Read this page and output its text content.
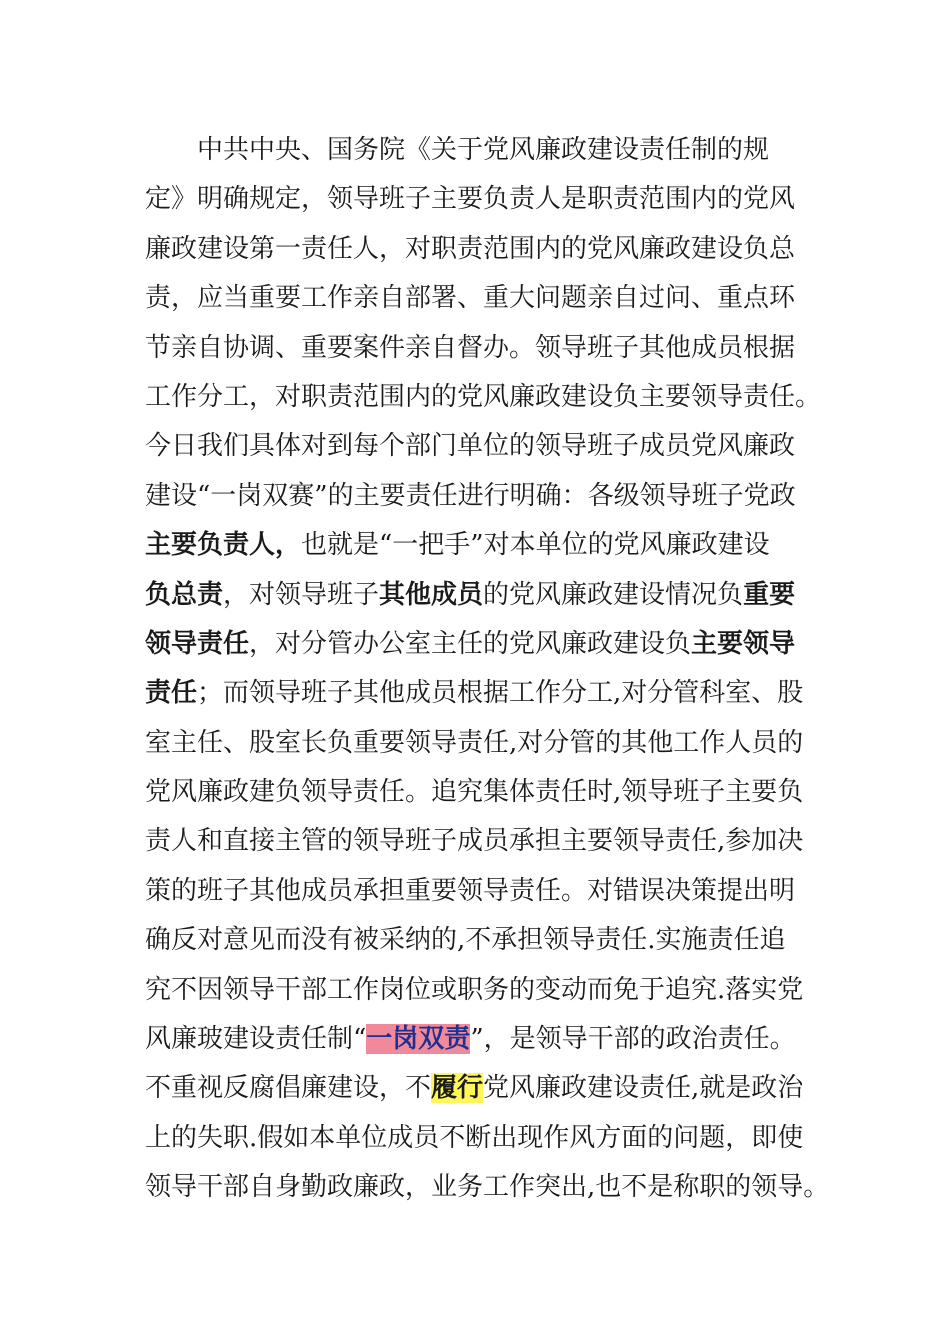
中共中央、国务院《关于党风廉政建设责任制的规
定》明确规定，领导班子主要负责人是职责范围内的党风
廉政建设第一责任人，对职责范围内的党风廉政建设负总
责，应当重要工作亲自部署、重大问题亲自过问、重点环
节亲自协调、重要案件亲自督办。领导班子其他成员根据
工作分工，对职责范围内的党风廉政建设负主要领导责任。
今日我们具体对到每个部门单位的领导班子成员党风廉政
建设“一岗双赛”的主要责任进行明确：各级领导班子党政
主要负责人，也就是“一把手”对本单位的党风廉政建设
负总责，对领导班子其他成员的党风廉政建设情况负重要
领导责任，对分管办公室主任的党风廉政建设负主要领导
责任；而领导班子其他成员根据工作分工,对分管科室、股
室主任、股室长负重要领导责任,对分管的其他工作人员的
党风廉政建负领导责任。追究集体责任时,领导班子主要负
责人和直接主管的领导班子成员承担主要领导责任,参加决
策的班子其他成员承担重要领导责任。对错误决策提出明
确反对意见而没有被采纳的,不承担领导责任.实施责任追
究不因领导干部工作岗位或职务的变动而免于追究.落实党
风廉玻建设责任制“一岗双责”，是领导干部的政治责任。
不重视反腐倡廉建设，不履行党风廉政建设责任,就是政治
上的失职.假如本单位成员不断出现作风方面的问题，即使
领导干部自身勤政廉政，业务工作突出,也不是称职的领导。
